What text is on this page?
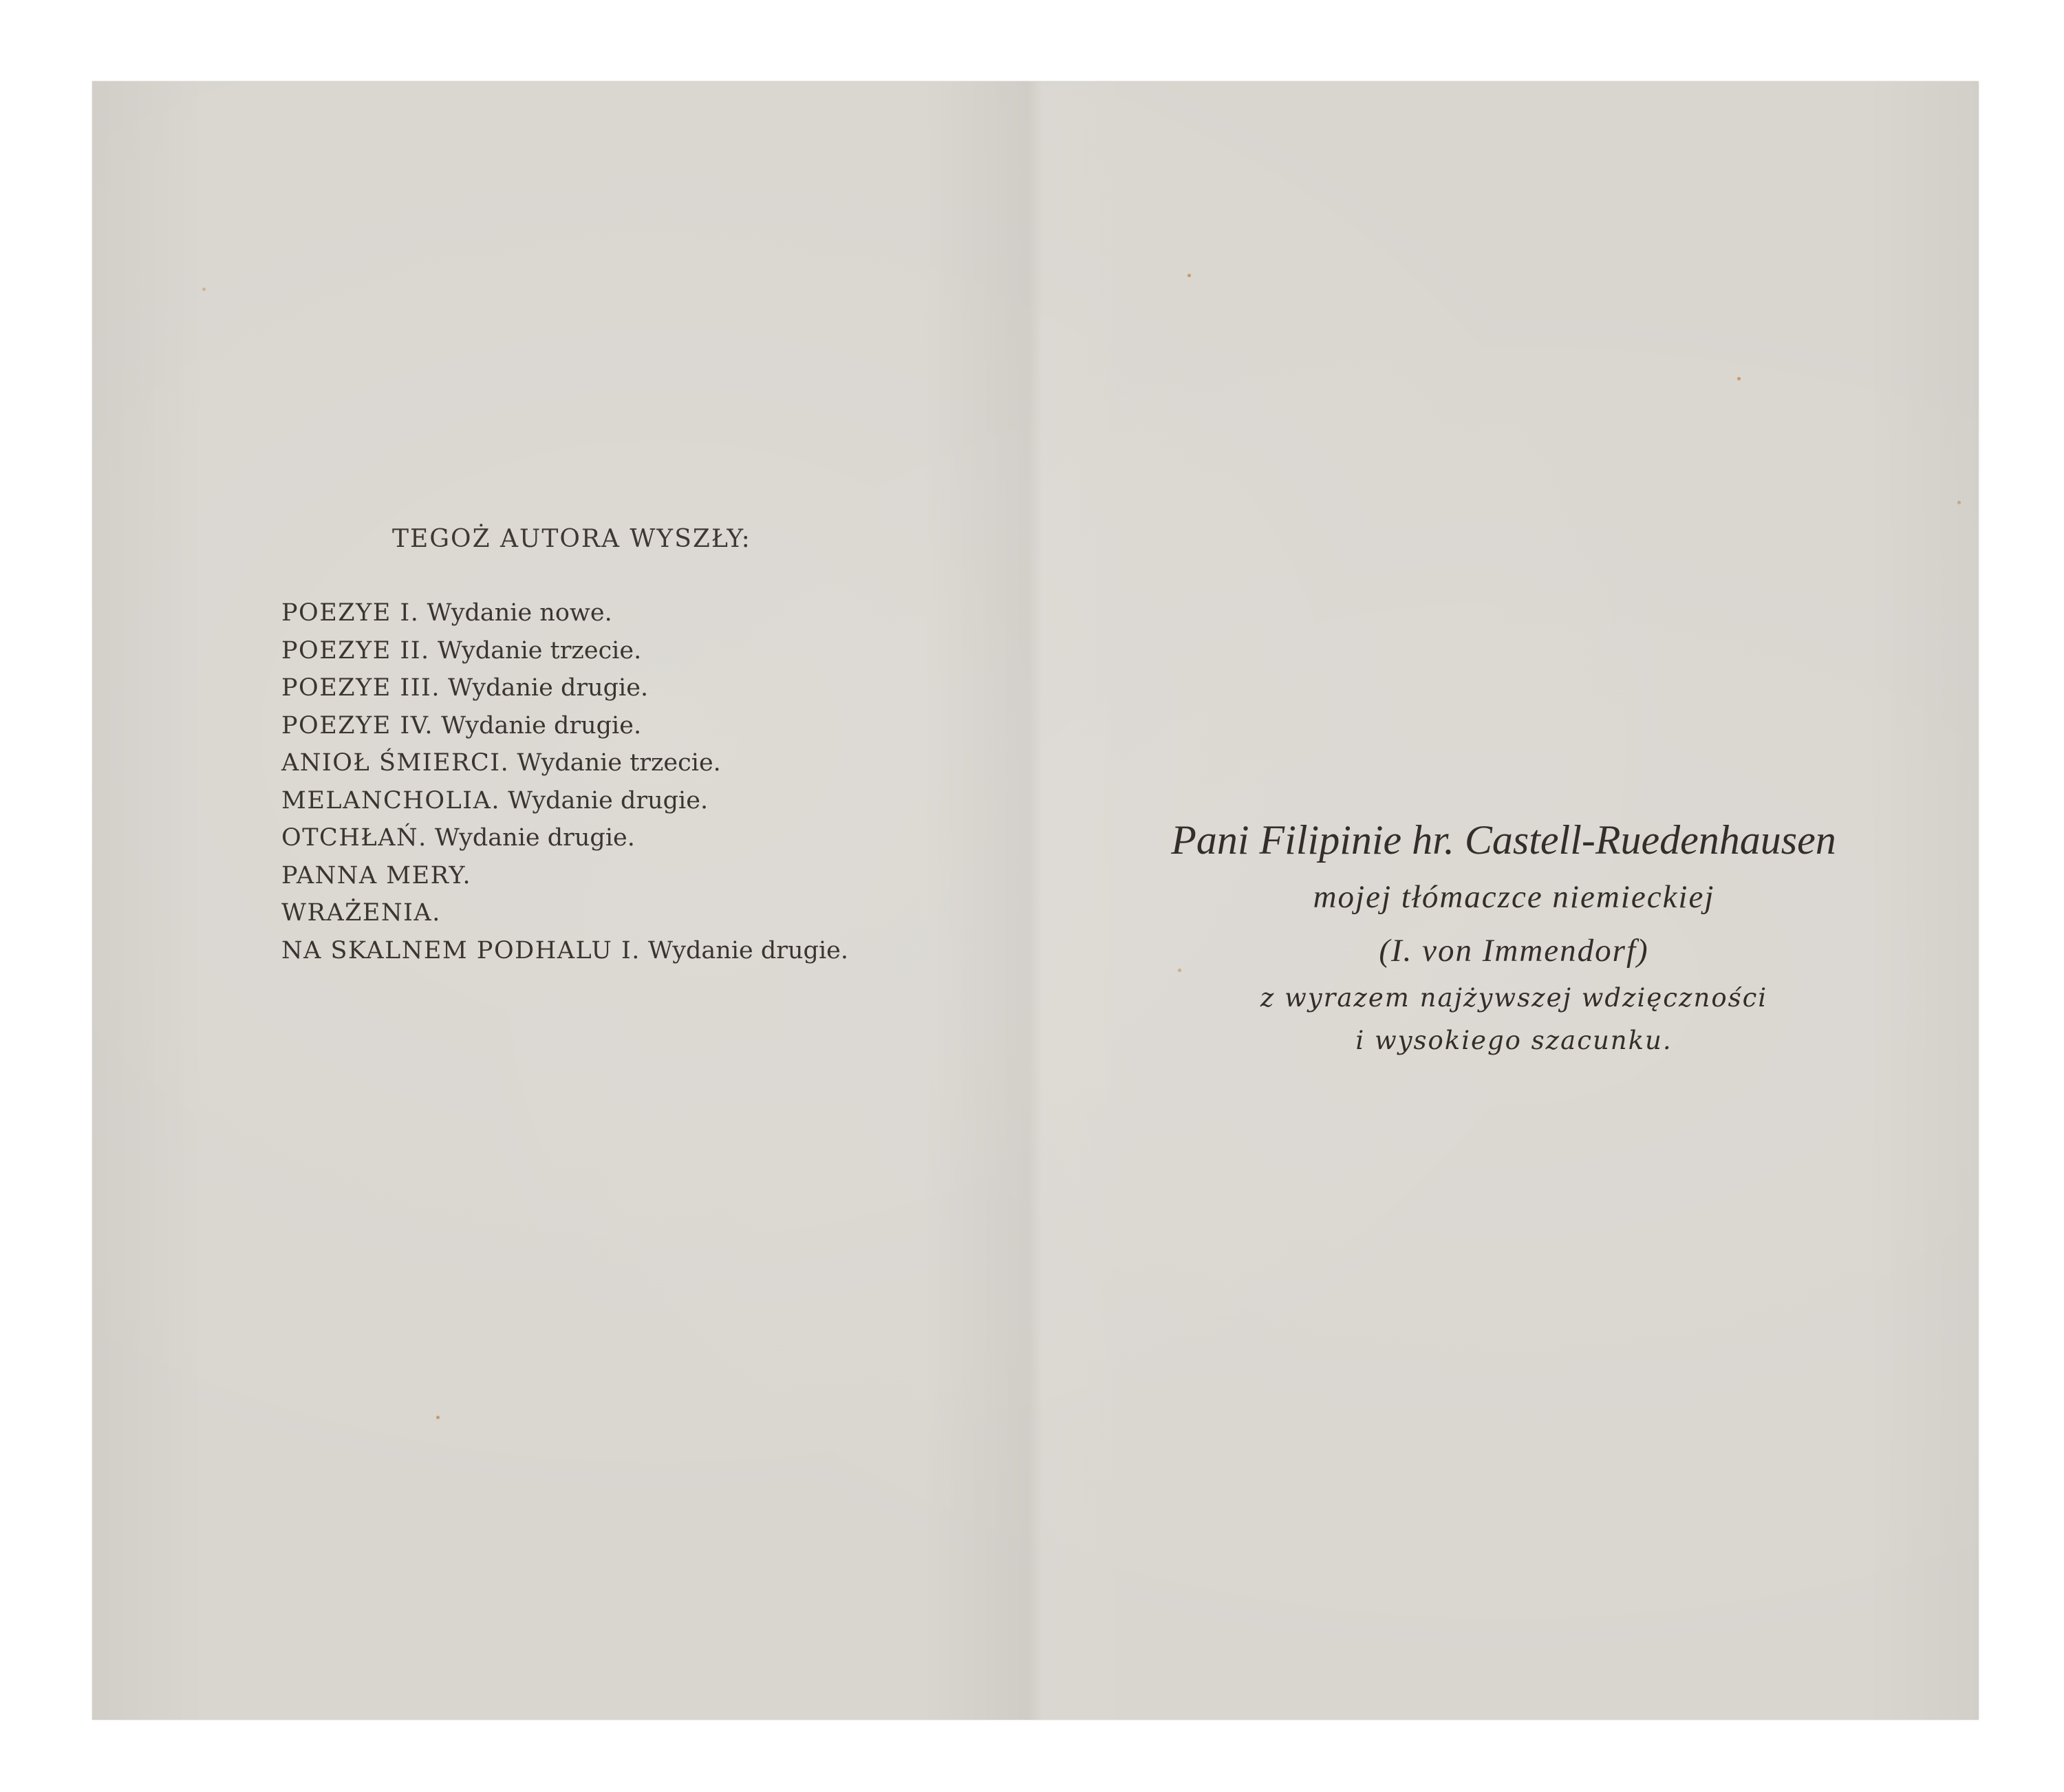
TEGOŻ AUTORA WYSZŁY:
POEZYE I. Wydanie nowe.
POEZYE II. Wydanie trzecie.
POEZYE III. Wydanie drugie.
POEZYE IV. Wydanie drugie.
ANIOŁ ŚMIERCI. Wydanie trzecie.
MELANCHOLIA. Wydanie drugie.
OTCHŁAŃ. Wydanie drugie.
PANNA MERY.
WRAŻENIA.
NA SKALNEM PODHALU I. Wydanie drugie.
Pani Filipinie hr. Castell-Ruedenhausen
mojej tłómaczce niemieckiej
(I. von Immendorf)
z wyrazem najżywszej wdzięczności
i wysokiego szacunku.
